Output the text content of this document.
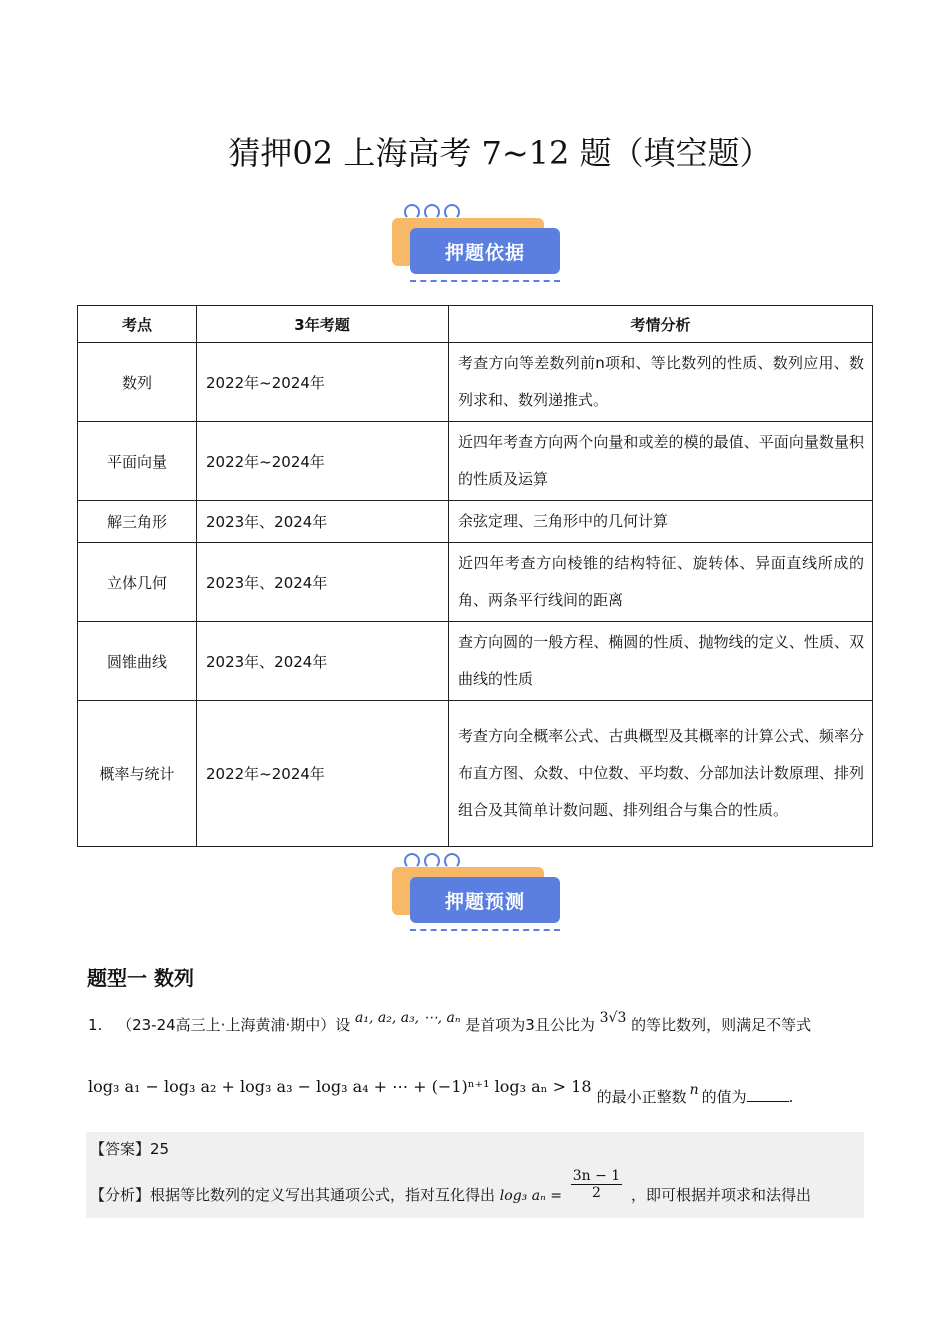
猜押02 上海高考 7~12 题（填空题）
押题依据
考点	3年考题	考情分析
数列	2022年~2024年	考查方向等差数列前n项和、等比数列的性质、数列应用、数列求和、数列递推式。
平面向量	2022年~2024年	近四年考查方向两个向量和或差的模的最值、平面向量数量积的性质及运算
解三角形	2023年、2024年	余弦定理、三角形中的几何计算
立体几何	2023年、2024年	近四年考查方向棱锥的结构特征、旋转体、异面直线所成的角、两条平行线间的距离
圆锥曲线	2023年、2024年	查方向圆的一般方程、椭圆的性质、抛物线的定义、性质、双曲线的性质
概率与统计	2022年~2024年	考查方向全概率公式、古典概型及其概率的计算公式、频率分布直方图、众数、中位数、平均数、分部加法计数原理、排列组合及其简单计数问题、排列组合与集合的性质。
押题预测
题型一 数列
1. （23-24高三上·上海黄浦·期中）设 a₁, a₂, a₃, ⋯, aₙ 是首项为3且公比为 3√3 的等比数列，则满足不等式
log₃ a₁ − log₃ a₂ + log₃ a₃ − log₃ a₄ + ⋯ + (−1)ⁿ⁺¹ log₃ aₙ > 18 的最小正整数 n 的值为	.
【答案】25
【分析】根据等比数列的定义写出其通项公式，指对互化得出 log₃ $a_n = \frac{3n - 1}{2}$ ，即可根据并项求和法得出
